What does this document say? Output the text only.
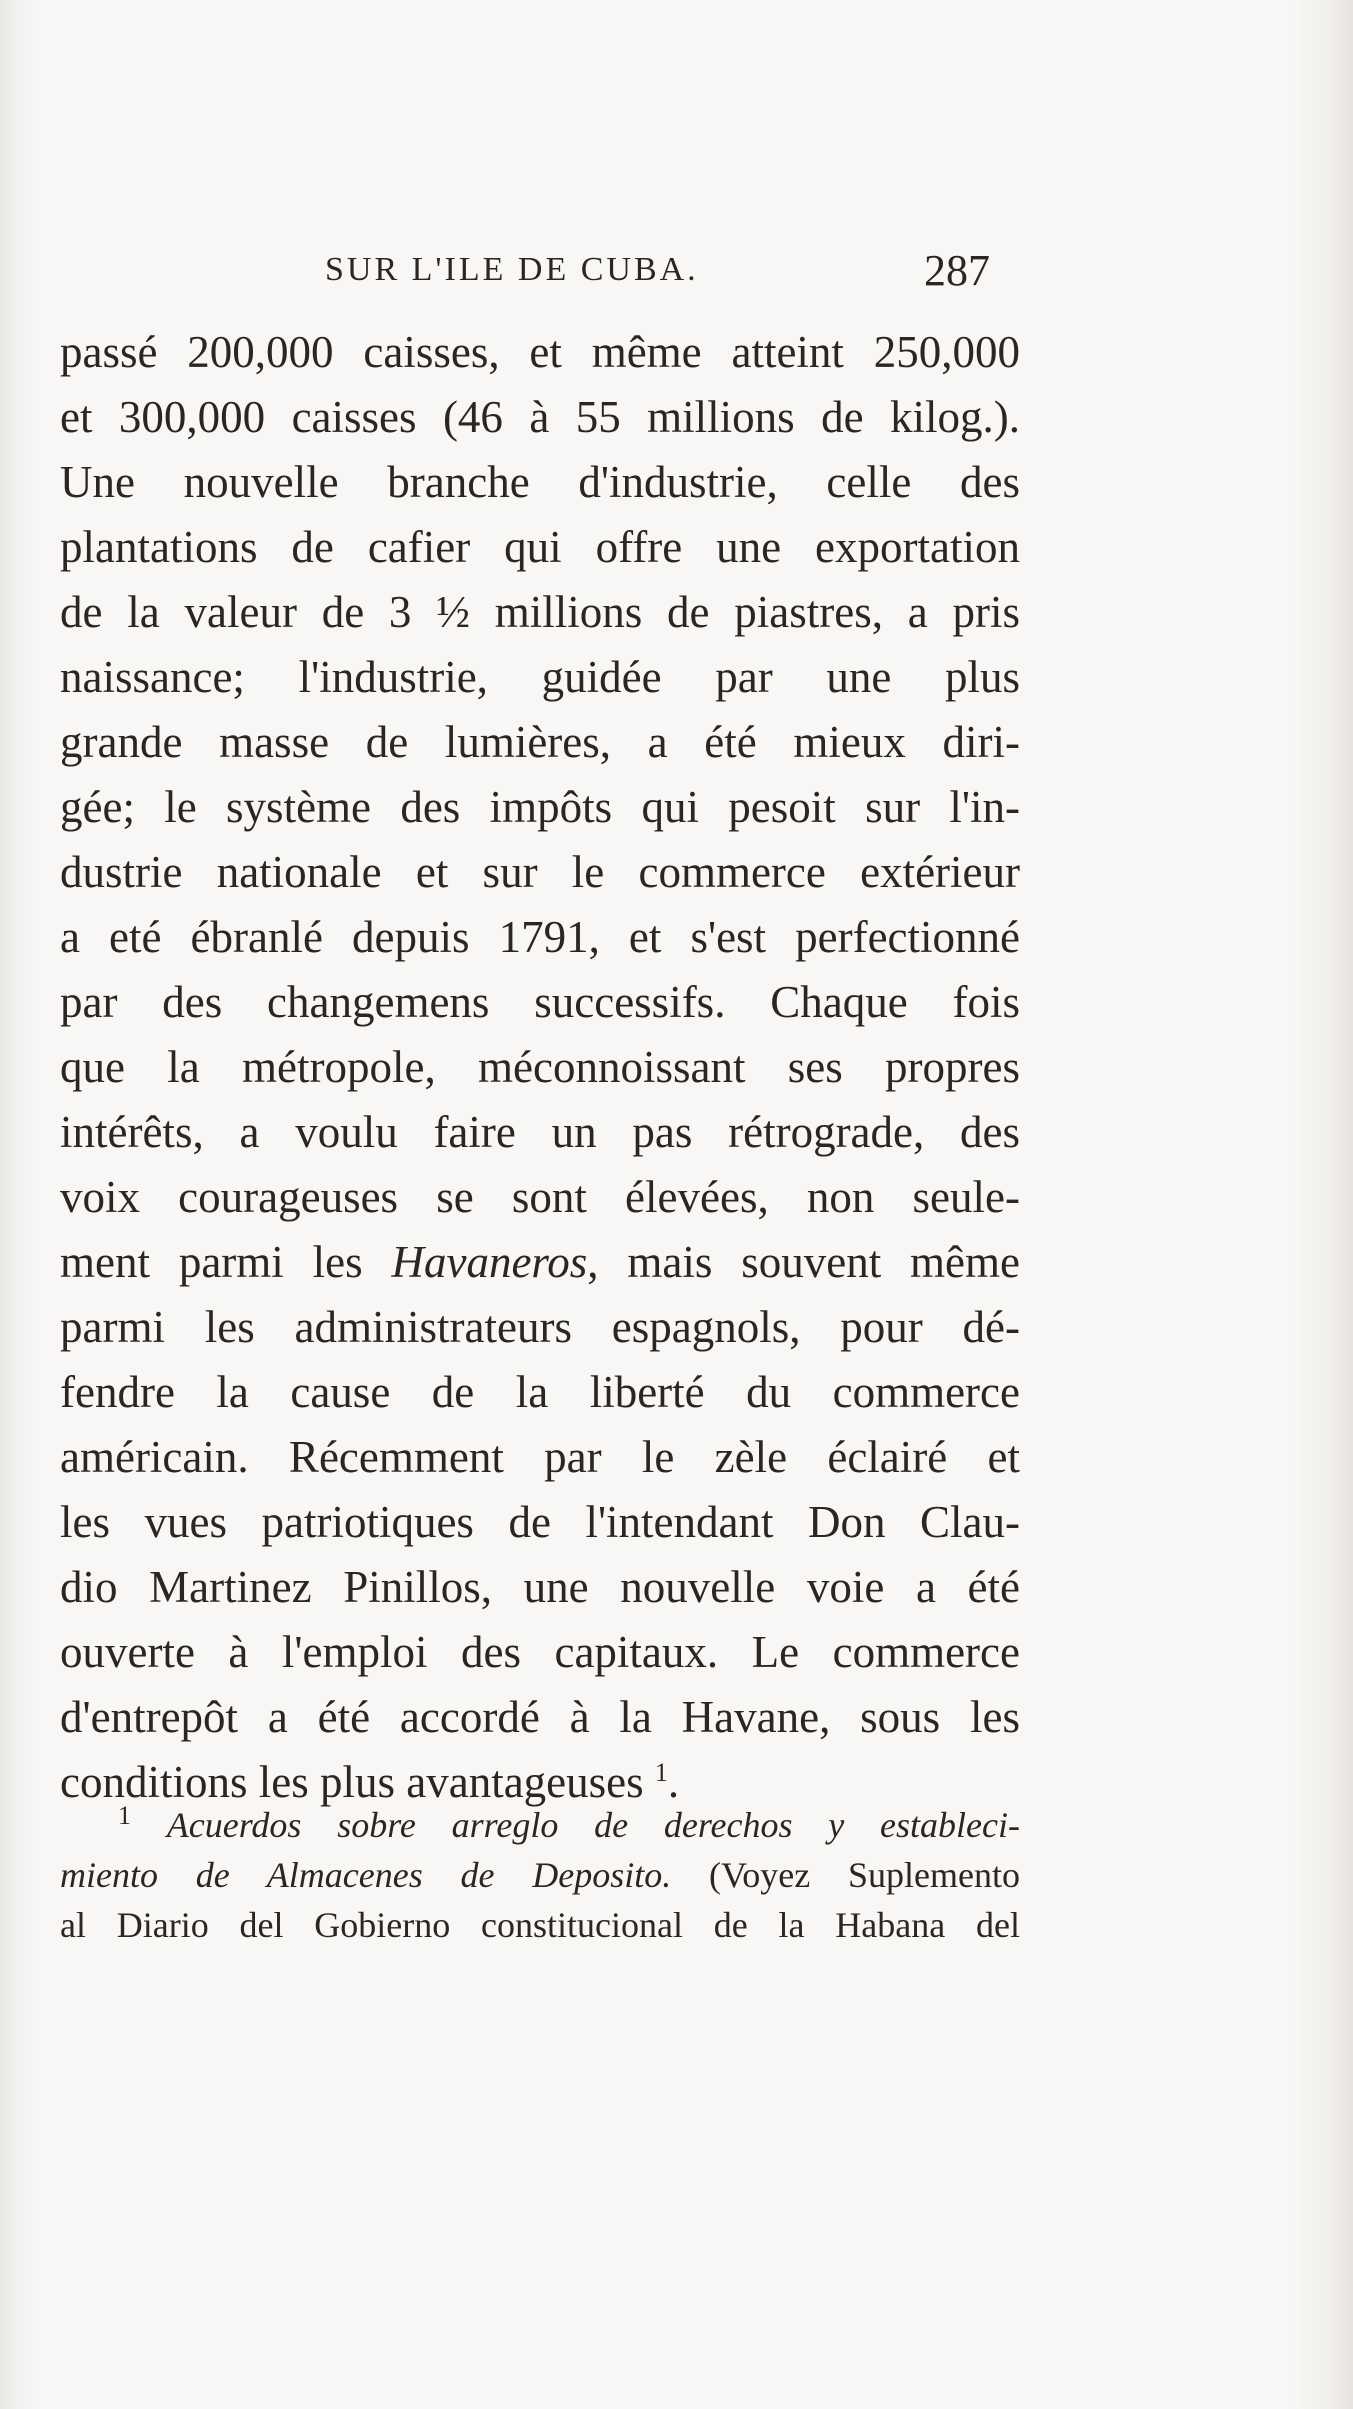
SUR L'ILE DE CUBA.	287
passé 200,000 caisses, et même atteint 250,000
et 300,000 caisses (46 à 55 millions de kilog.).
Une nouvelle branche d'industrie, celle des
plantations de cafier qui offre une exportation
de la valeur de 3 ½ millions de piastres, a pris
naissance; l'industrie, guidée par une plus
grande masse de lumières, a été mieux diri-
gée; le système des impôts qui pesoit sur l'in-
dustrie nationale et sur le commerce extérieur
a eté ébranlé depuis 1791, et s'est perfectionné
par des changemens successifs. Chaque fois
que la métropole, méconnoissant ses propres
intérêts, a voulu faire un pas rétrograde, des
voix courageuses se sont élevées, non seule-
ment parmi les Havaneros, mais souvent même
parmi les administrateurs espagnols, pour dé-
fendre la cause de la liberté du commerce
américain. Récemment par le zèle éclairé et
les vues patriotiques de l'intendant Don Clau-
dio Martinez Pinillos, une nouvelle voie a été
ouverte à l'emploi des capitaux. Le commerce
d'entrepôt a été accordé à la Havane, sous les
conditions les plus avantageuses $^1$.
$^1$ Acuerdos sobre arreglo de derechos y estableci-
miento de Almacenes de Deposito. (Voyez Suplemento
al Diario del Gobierno constitucional de la Habana del
